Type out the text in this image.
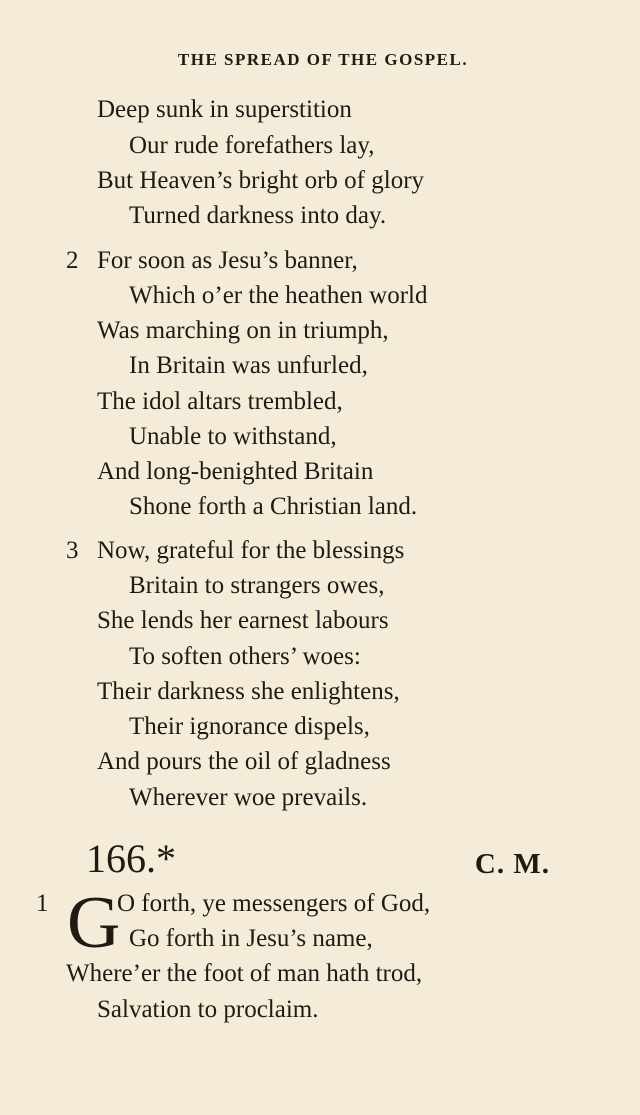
THE SPREAD OF THE GOSPEL.
Deep sunk in superstition
Our rude forefathers lay,
But Heaven’s bright orb of glory
Turned darkness into day.
2 For soon as Jesu’s banner,
Which o’er the heathen world
Was marching on in triumph,
In Britain was unfurled,
The idol altars trembled,
Unable to withstand,
And long-benighted Britain
Shone forth a Christian land.
3 Now, grateful for the blessings
Britain to strangers owes,
She lends her earnest labours
To soften others’ woes:
Their darkness she enlightens,
Their ignorance dispels,
And pours the oil of gladness
Wherever woe prevails.
166.*	C. M.
1 G
O forth, ye messengers of God,
Go forth in Jesu’s name,
Where’er the foot of man hath trod,
Salvation to proclaim.
